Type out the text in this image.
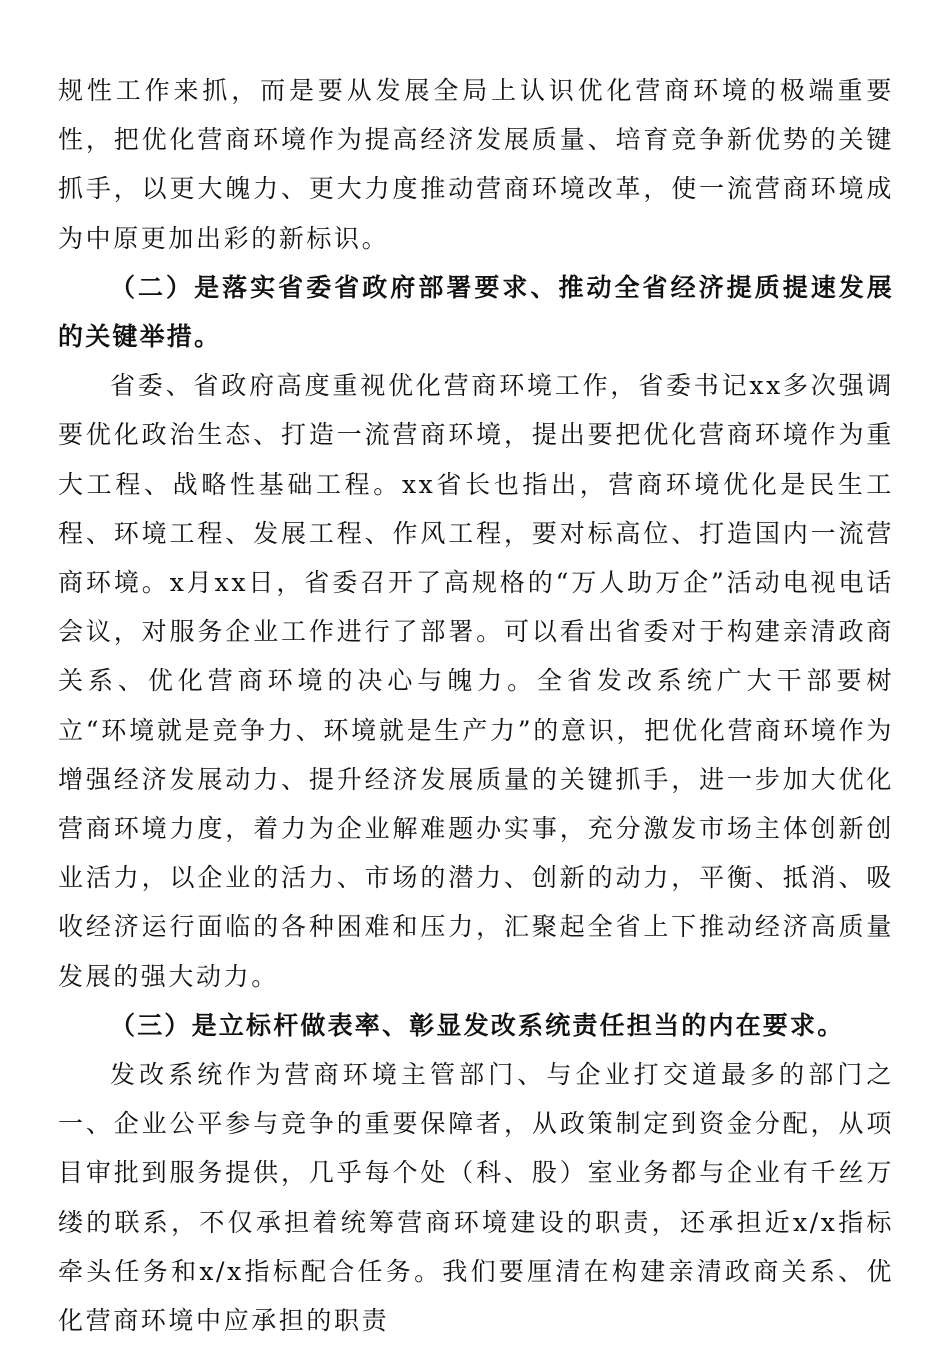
规性工作来抓，而是要从发展全局上认识优化营商环境的极端重要性，把优化营商环境作为提高经济发展质量、培育竞争新优势的关键抓手，以更大魄力、更大力度推动营商环境改革，使一流营商环境成为中原更加出彩的新标识。

（二）是落实省委省政府部署要求、推动全省经济提质提速发展的关键举措。

省委、省政府高度重视优化营商环境工作，省委书记xx多次强调要优化政治生态、打造一流营商环境，提出要把优化营商环境作为重大工程、战略性基础工程。xx省长也指出，营商环境优化是民生工程、环境工程、发展工程、作风工程，要对标高位、打造国内一流营商环境。x月xx日，省委召开了高规格的“万人助万企”活动电视电话会议，对服务企业工作进行了部署。可以看出省委对于构建亲清政商关系、优化营商环境的决心与魄力。全省发改系统广大干部要树立“环境就是竞争力、环境就是生产力”的意识，把优化营商环境作为增强经济发展动力、提升经济发展质量的关键抓手，进一步加大优化营商环境力度，着力为企业解难题办实事，充分激发市场主体创新创业活力，以企业的活力、市场的潜力、创新的动力，平衡、抵消、吸收经济运行面临的各种困难和压力，汇聚起全省上下推动经济高质量发展的强大动力。

（三）是立标杆做表率、彰显发改系统责任担当的内在要求。

发改系统作为营商环境主管部门、与企业打交道最多的部门之一、企业公平参与竞争的重要保障者，从政策制定到资金分配，从项目审批到服务提供，几乎每个处（科、股）室业务都与企业有千丝万缕的联系，不仅承担着统筹营商环境建设的职责，还承担近x/x指标牵头任务和x/x指标配合任务。我们要厘清在构建亲清政商关系、优化营商环境中应承担的职责
